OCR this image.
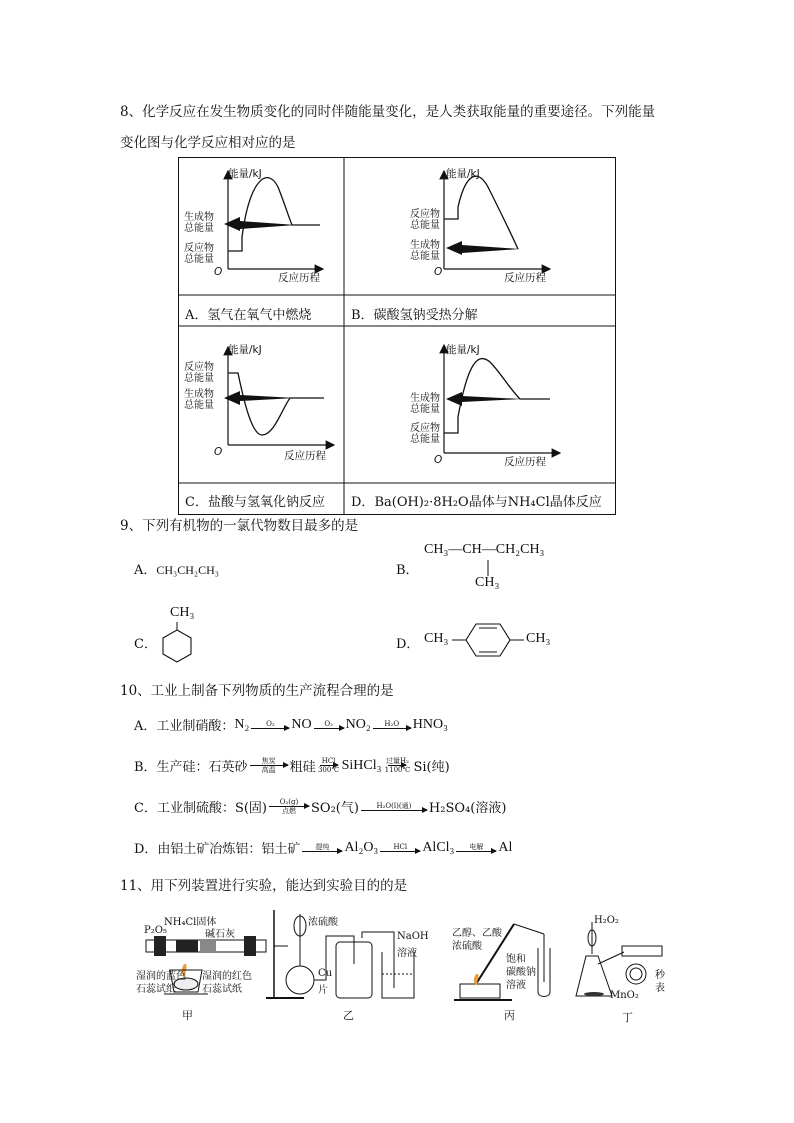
8、化学反应在发生物质变化的同时伴随能量变化，是人类获取能量的重要途径。下列能量
变化图与化学反应相对应的是
生成物
总能量
反应物
总能量
能量/kJ
O	反应历程
反应物
总能量
生成物
总能量
能量/kJ
O	反应历程
反应物
总能量
生成物
总能量
能量/kJ
O	反应历程
生成物
总能量
反应物
总能量
能量/kJ
O	反应历程
A．氢气在氧气中燃烧	B．碳酸氢钠受热分解
C．盐酸与氢氧化钠反应 D．Ba(OH)₂·8H₂O晶体与NH₄Cl晶体反应
9、下列有机物的一氯代物数目最多的是
A．CH₃CH₂CH₃	B．
CH₃—CH—CH₂CH₃
CH₃
C．
CH₃
D． CH₃	CH₃
10、工业上制备下列物质的生产流程合理的是
A．工业制硝酸： N₂ O₂ NO O₂ NO₂ H₂O HNO₃
B．生产硅：石英砂 焦炭
高温 粗硅 HCl
300℃ SiHCl₃ 过量H₂
1100℃ Si(纯)
C．工业制硫酸：S(固) O₂(g)
点燃 SO₂(气)	H₂O(l)(通) H₂SO₄(溶液)
D．由铝土矿冶炼铝：铝土矿 提纯 Al₂O₃ HCl AlCl₃ 电解 Al
11、用下列装置进行实验，能达到实验目的的是
NH₄Cl固体
P₂O₅	碱石灰
湿润的蓝色
石蕊试纸
湿润的红色
石蕊试纸
甲
浓硫酸
Cu
片
NaOH
溶液
乙
乙醇、乙酸
浓硫酸
饱和
碳酸钠
溶液
丙
H₂O₂
MnO₂
秒
表
丁
